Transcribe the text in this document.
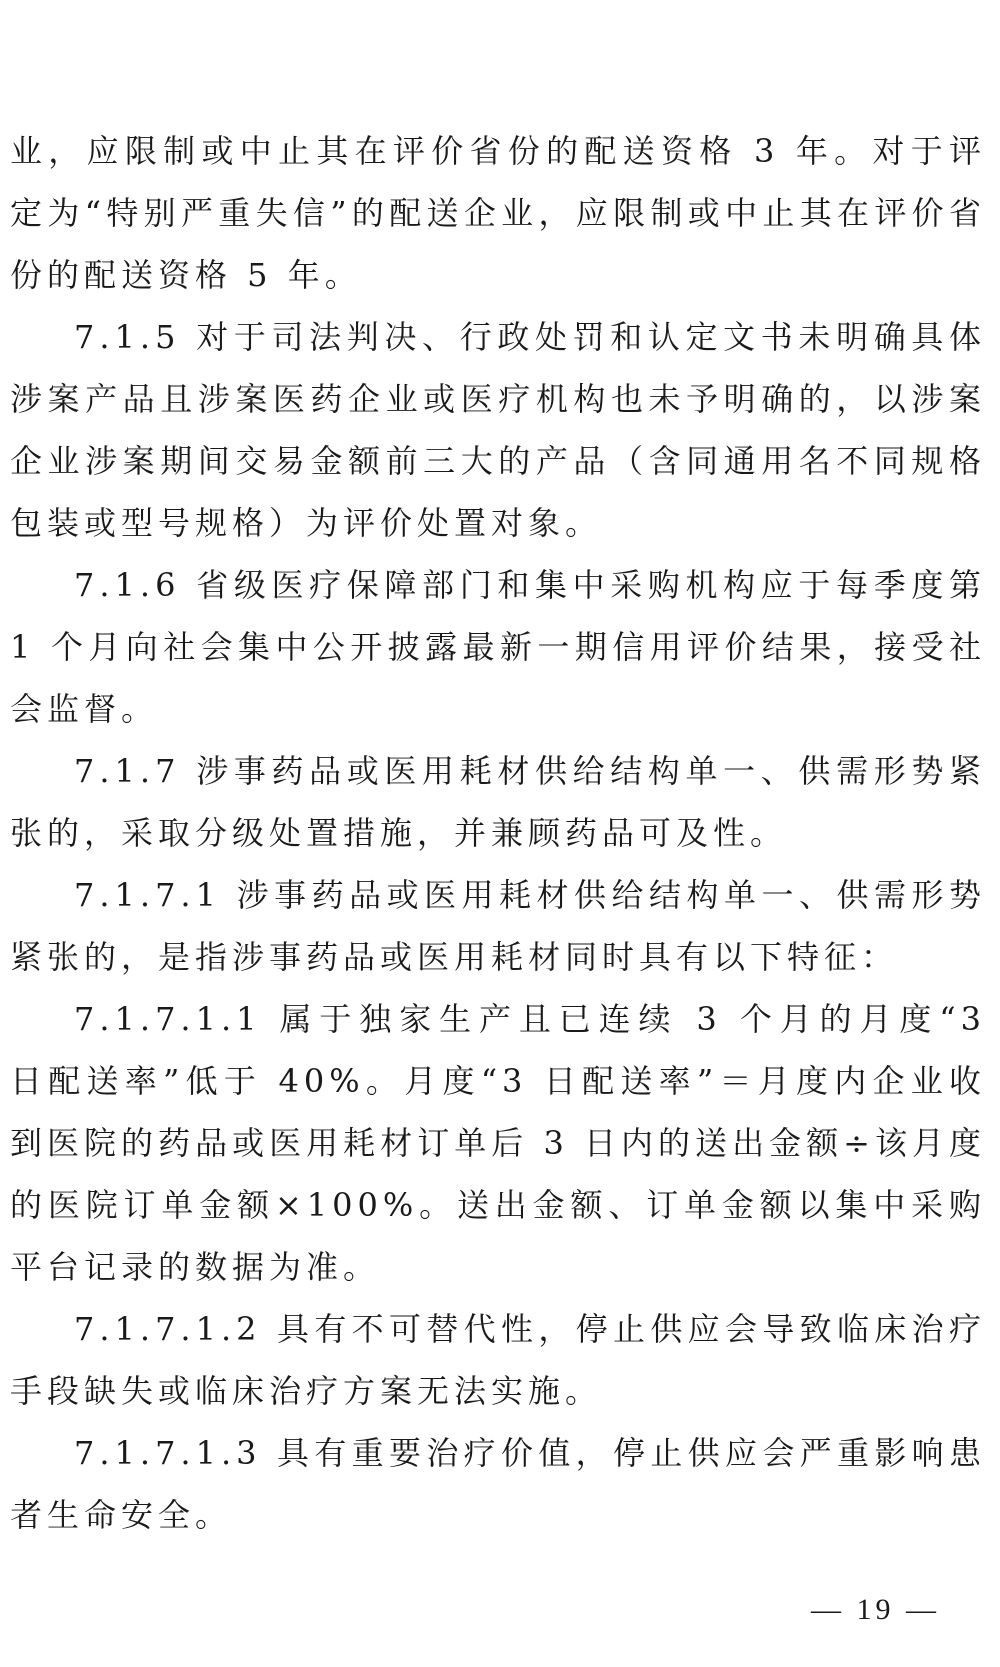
业，应限制或中止其在评价省份的配送资格 3 年。对于评定为“特别严重失信”的配送企业，应限制或中止其在评价省份的配送资格 5 年。

7.1.5 对于司法判决、行政处罚和认定文书未明确具体涉案产品且涉案医药企业或医疗机构也未予明确的，以涉案企业涉案期间交易金额前三大的产品（含同通用名不同规格包装或型号规格）为评价处置对象。

7.1.6 省级医疗保障部门和集中采购机构应于每季度第 1 个月向社会集中公开披露最新一期信用评价结果，接受社会监督。

7.1.7 涉事药品或医用耗材供给结构单一、供需形势紧张的，采取分级处置措施，并兼顾药品可及性。

7.1.7.1 涉事药品或医用耗材供给结构单一、供需形势紧张的，是指涉事药品或医用耗材同时具有以下特征：

7.1.7.1.1 属于独家生产且已连续 3 个月的月度“3 日配送率”低于 40%。月度“3 日配送率”＝月度内企业收到医院的药品或医用耗材订单后 3 日内的送出金额÷该月度的医院订单金额×100%。送出金额、订单金额以集中采购平台记录的数据为准。

7.1.7.1.2 具有不可替代性，停止供应会导致临床治疗手段缺失或临床治疗方案无法实施。

7.1.7.1.3 具有重要治疗价值，停止供应会严重影响患者生命安全。

— 19 —
